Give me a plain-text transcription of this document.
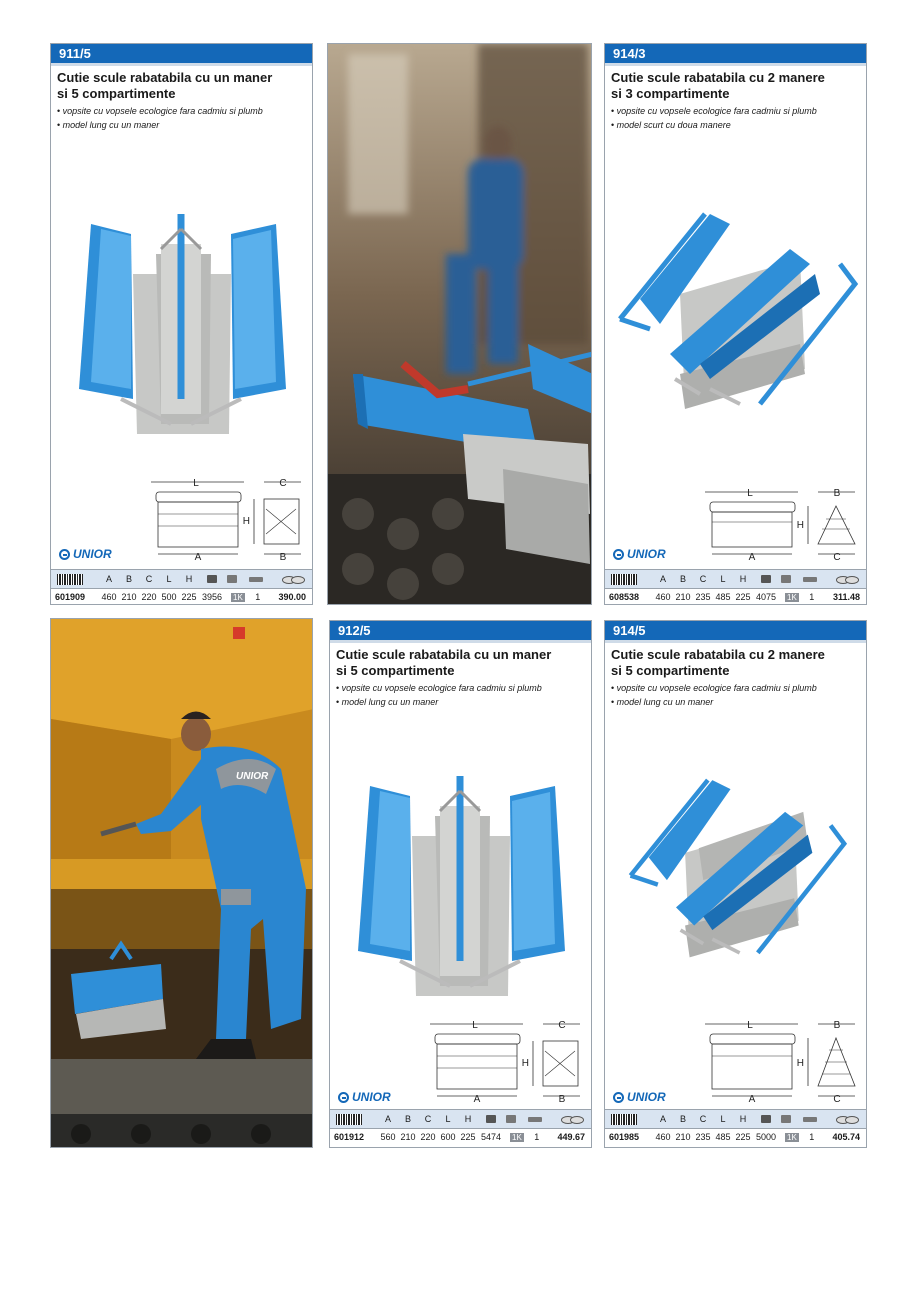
911/5
Cutie scule rabatabila cu un maner si 5 compartimente
• vopsite cu vopsele ecologice fara cadmiu si plumb
• model lung cu un maner
L
A
C
H
B
UNIOR
A	B	C	L	H
601909	460 210 220 500 225 3956	1K	1	390.00
914/3
Cutie scule rabatabila cu 2 manere si 3 compartimente
• vopsite cu vopsele ecologice fara cadmiu si plumb
• model scurt cu doua manere
L
A
B
H
C
UNIOR
A	B	C	L	H
608538	460 210 235 485 225 4075	1K	1	311.48
UNIOR
912/5
Cutie scule rabatabila cu un maner si 5 compartimente
• vopsite cu vopsele ecologice fara cadmiu si plumb
• model lung cu un maner
L
A
C
H
B
UNIOR
A	B	C	L	H
601912	560 210 220 600 225 5474	1K	1	449.67
914/5
Cutie scule rabatabila cu 2 manere si 5 compartimente
• vopsite cu vopsele ecologice fara cadmiu si plumb
• model lung cu un maner
L
A
B
H
C
UNIOR
A	B	C	L	H
601985	460 210 235 485 225 5000	1K	1	405.74
